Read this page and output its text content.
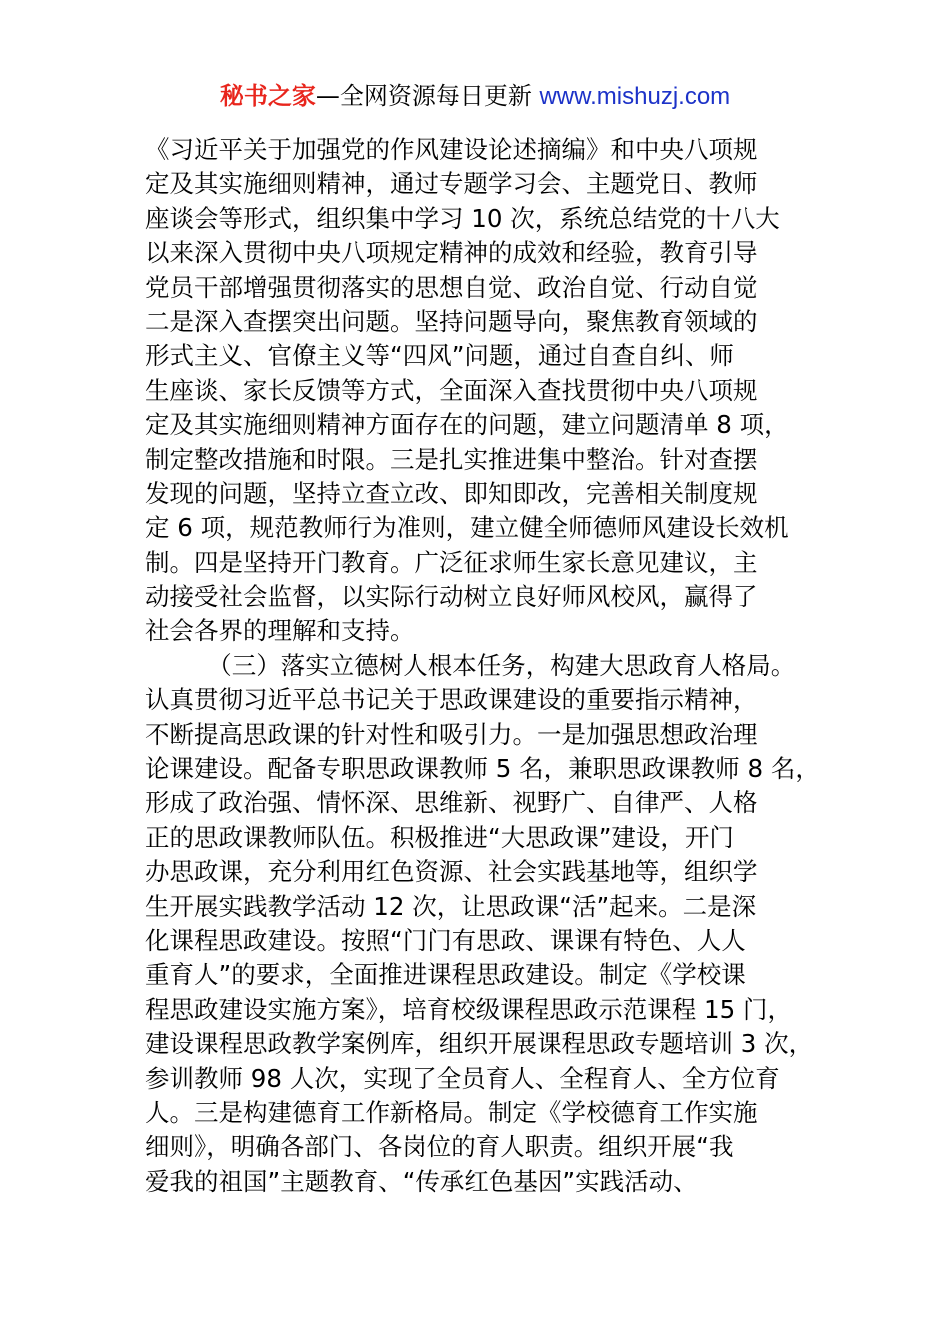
秘书之家—全网资源每日更新 www.mishuzj.com
《习近平关于加强党的作风建设论述摘编》和中央八项规
定及其实施细则精神，通过专题学习会、主题党日、教师
座谈会等形式，组织集中学习 10 次，系统总结党的十八大
以来深入贯彻中央八项规定精神的成效和经验，教育引导
党员干部增强贯彻落实的思想自觉、政治自觉、行动自觉
二是深入查摆突出问题。坚持问题导向，聚焦教育领域的
形式主义、官僚主义等“四风”问题，通过自查自纠、师
生座谈、家长反馈等方式，全面深入查找贯彻中央八项规
定及其实施细则精神方面存在的问题，建立问题清单 8 项，
制定整改措施和时限。三是扎实推进集中整治。针对查摆
发现的问题，坚持立查立改、即知即改，完善相关制度规
定 6 项，规范教师行为准则，建立健全师德师风建设长效机
制。四是坚持开门教育。广泛征求师生家长意见建议，主
动接受社会监督，以实际行动树立良好师风校风，赢得了
社会各界的理解和支持。
（三）落实立德树人根本任务，构建大思政育人格局。
认真贯彻习近平总书记关于思政课建设的重要指示精神，
不断提高思政课的针对性和吸引力。一是加强思想政治理
论课建设。配备专职思政课教师 5 名，兼职思政课教师 8 名，
形成了政治强、情怀深、思维新、视野广、自律严、人格
正的思政课教师队伍。积极推进“大思政课”建设，开门
办思政课，充分利用红色资源、社会实践基地等，组织学
生开展实践教学活动 12 次，让思政课“活”起来。二是深
化课程思政建设。按照“门门有思政、课课有特色、人人
重育人”的要求，全面推进课程思政建设。制定《学校课
程思政建设实施方案》，培育校级课程思政示范课程 15 门，
建设课程思政教学案例库，组织开展课程思政专题培训 3 次，
参训教师 98 人次，实现了全员育人、全程育人、全方位育
人。三是构建德育工作新格局。制定《学校德育工作实施
细则》，明确各部门、各岗位的育人职责。组织开展“我
爱我的祖国”主题教育、“传承红色基因”实践活动、
